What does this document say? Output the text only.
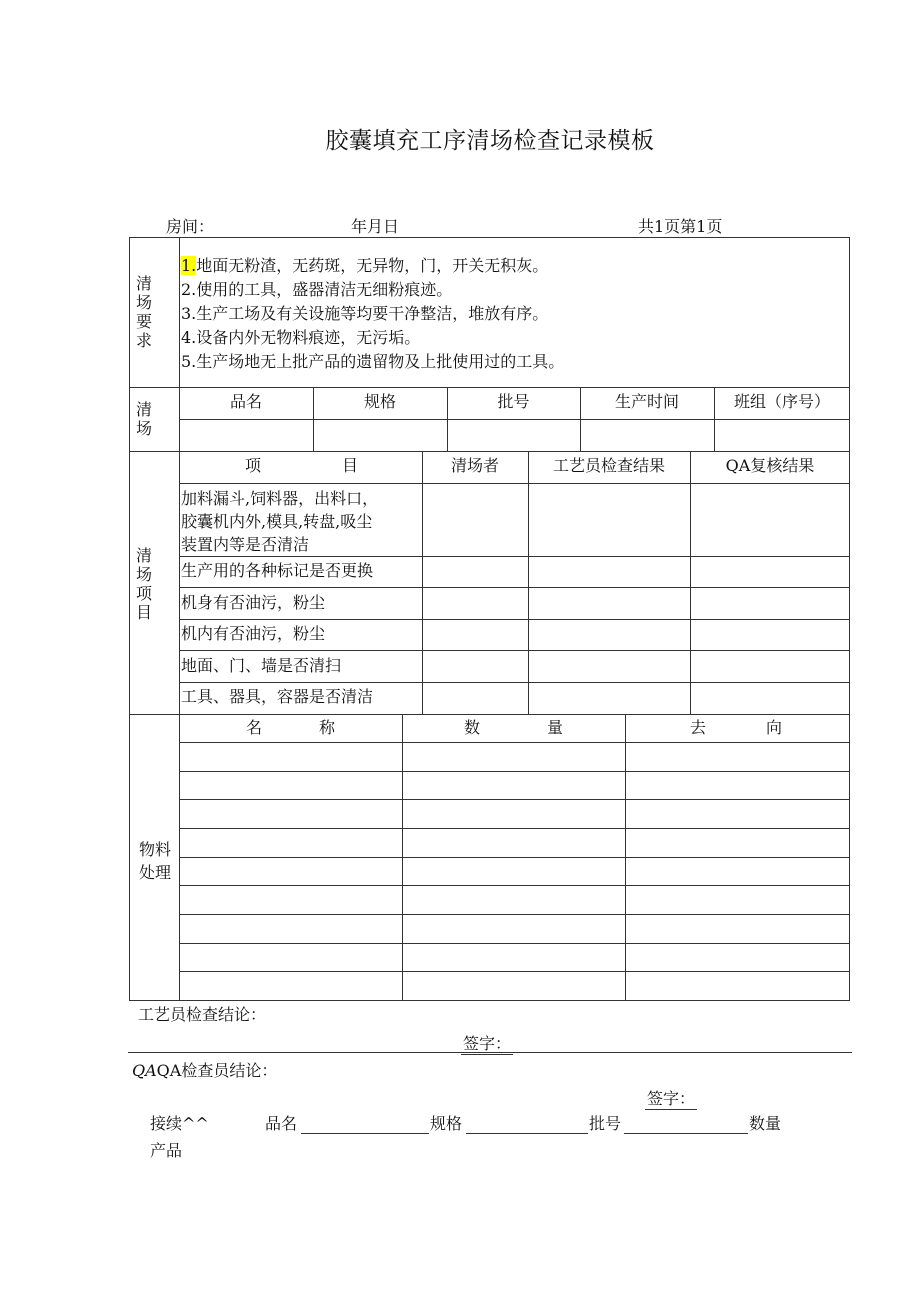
胶囊填充工序清场检查记录模板
房间：	年月日	共1页第1页
清
场
要
求
1.地面无粉渣，无药斑，无异物，门，开关无积灰。
2.使用的工具，盛器清洁无细粉痕迹。
3.生产工场及有关设施等均要干净整洁，堆放有序。
4.设备内外无物料痕迹，无污垢。
5.生产场地无上批产品的遗留物及上批使用过的工具。
清
场
品名	规格	批号	生产时间	班组（序号）
清
场
项
目
项	目	清场者	工艺员检查结果	QA复核结果
加料漏斗,饲料器，出料口，
胶囊机内外,模具,转盘,吸尘
装置内等是否清洁
生产用的各种标记是否更换
机身有否油污，粉尘
机内有否油污，粉尘
地面、门、墙是否清扫
工具、器具，容器是否清洁
物料
处理
名	称	数	量	去	向
工艺员检查结论：
签字：
QAQA检查员结论：
签字：
接续^^
产品
品名	规格	批号	数量
